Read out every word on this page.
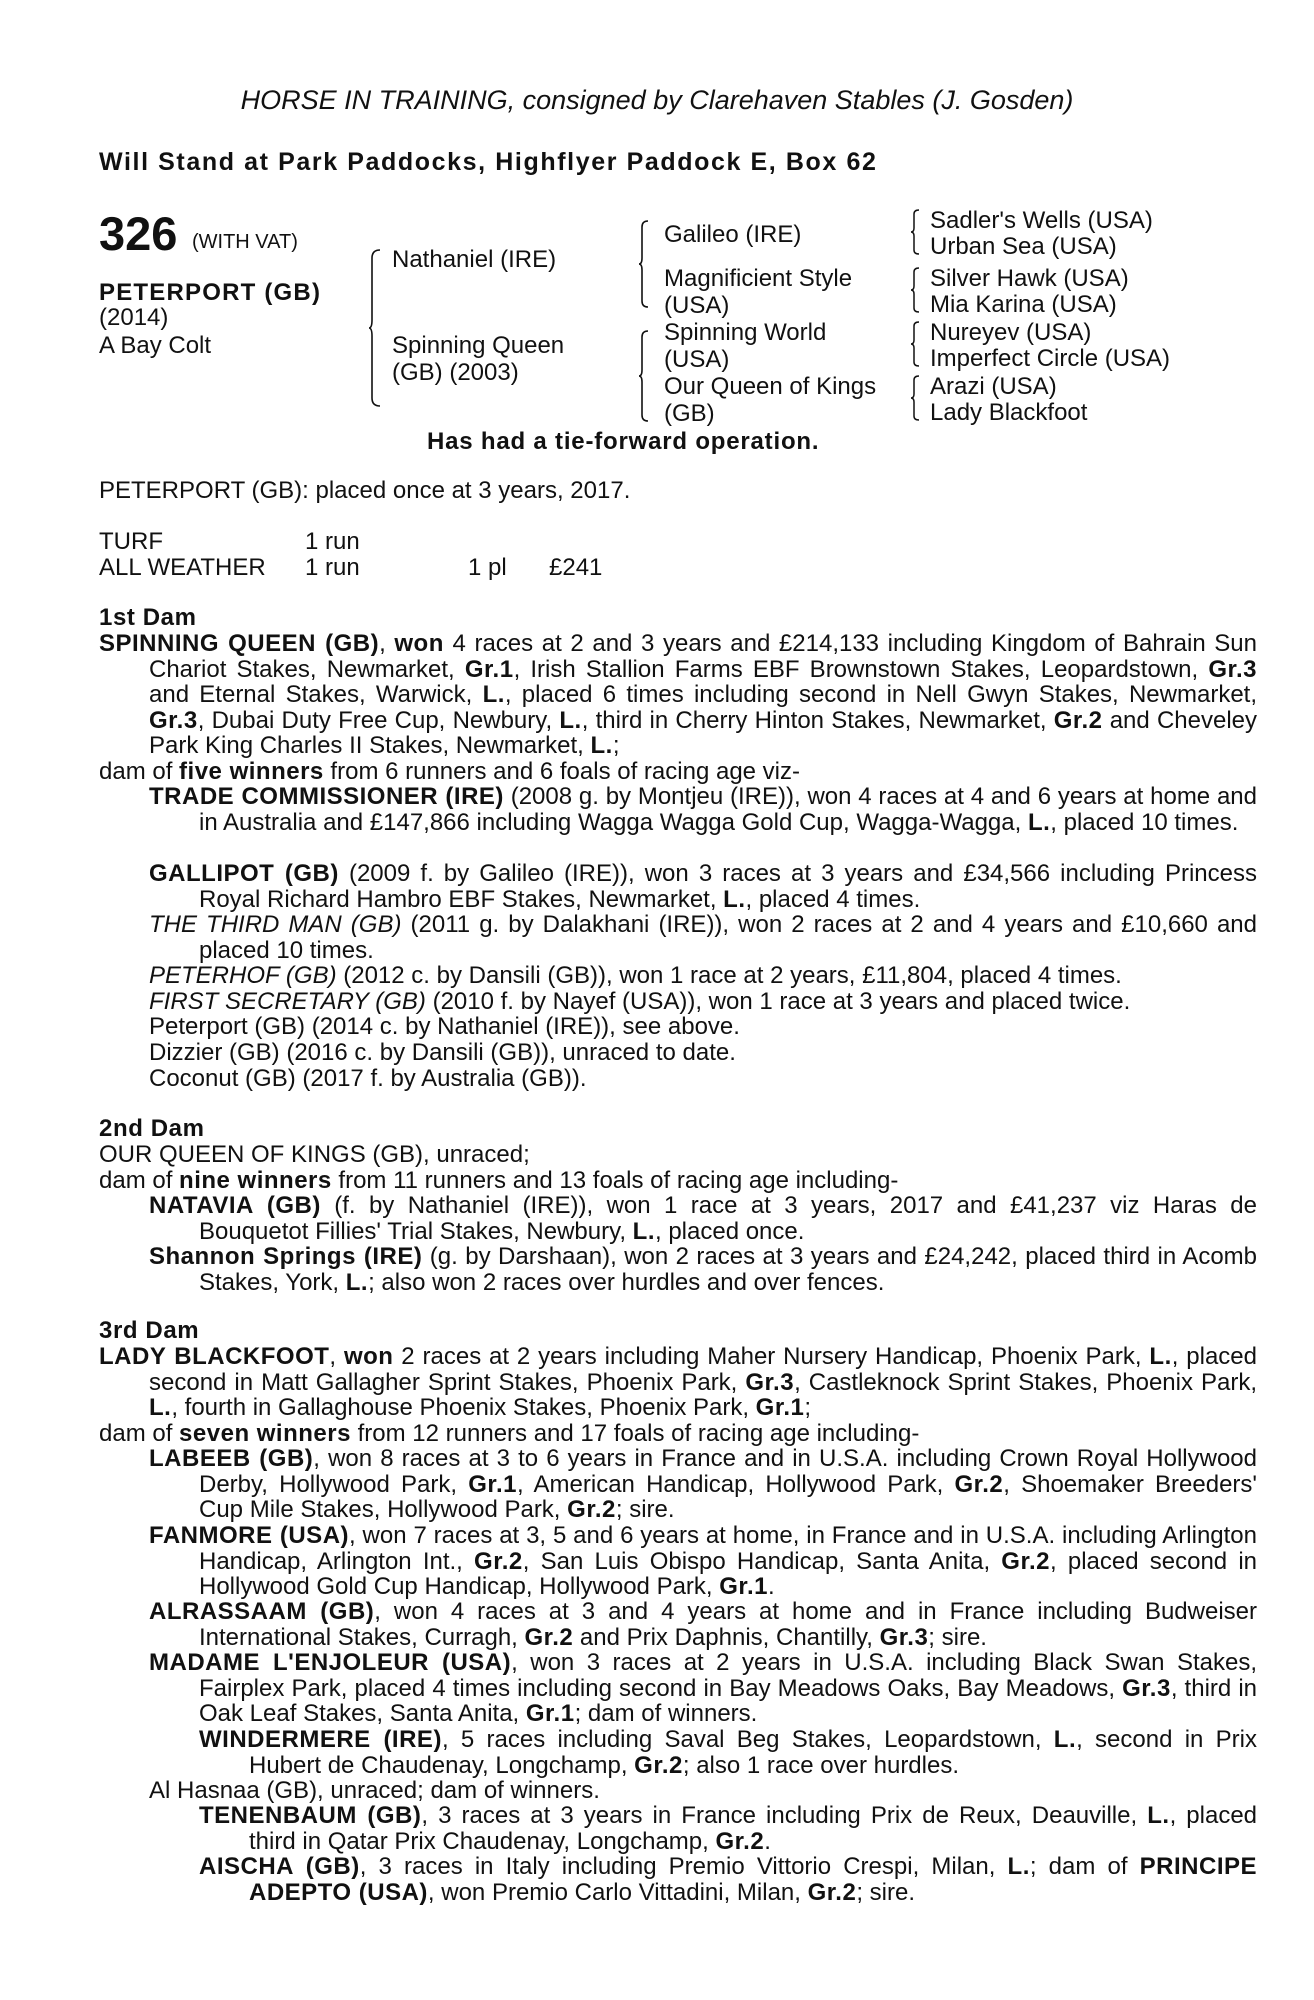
HORSE IN TRAINING, consigned by Clarehaven Stables (J. Gosden)
Will Stand at Park Paddocks, Highflyer Paddock E, Box 62
326 (WITH VAT)
PETERPORT (GB)
(2014)
A Bay Colt
Nathaniel (IRE)
Spinning Queen (GB) (2003)
Galileo (IRE)
Magnificient Style (USA)
Spinning World (USA)
Our Queen of Kings (GB)
Sadler's Wells (USA)
Urban Sea (USA)
Silver Hawk (USA)
Mia Karina (USA)
Nureyev (USA)
Imperfect Circle (USA)
Arazi (USA)
Lady Blackfoot
Has had a tie-forward operation.
PETERPORT (GB): placed once at 3 years, 2017.
TURF	1 run
ALL WEATHER 1 run	1 pl £241
1st Dam
SPINNING QUEEN (GB), won 4 races at 2 and 3 years and £214,133 including Kingdom of Bahrain Sun Chariot Stakes, Newmarket, Gr.1, Irish Stallion Farms EBF Brownstown Stakes, Leopardstown, Gr.3 and Eternal Stakes, Warwick, L., placed 6 times including second in Nell Gwyn Stakes, Newmarket, Gr.3, Dubai Duty Free Cup, Newbury, L., third in Cherry Hinton Stakes, Newmarket, Gr.2 and Cheveley Park King Charles II Stakes, Newmarket, L.;
dam of five winners from 6 runners and 6 foals of racing age viz-
TRADE COMMISSIONER (IRE) (2008 g. by Montjeu (IRE)), won 4 races at 4 and 6 years at home and in Australia and £147,866 including Wagga Wagga Gold Cup, Wagga-Wagga, L., placed 10 times.
GALLIPOT (GB) (2009 f. by Galileo (IRE)), won 3 races at 3 years and £34,566 including Princess Royal Richard Hambro EBF Stakes, Newmarket, L., placed 4 times.
THE THIRD MAN (GB) (2011 g. by Dalakhani (IRE)), won 2 races at 2 and 4 years and £10,660 and placed 10 times.
PETERHOF (GB) (2012 c. by Dansili (GB)), won 1 race at 2 years, £11,804, placed 4 times.
FIRST SECRETARY (GB) (2010 f. by Nayef (USA)), won 1 race at 3 years and placed twice.
Peterport (GB) (2014 c. by Nathaniel (IRE)), see above.
Dizzier (GB) (2016 c. by Dansili (GB)), unraced to date.
Coconut (GB) (2017 f. by Australia (GB)).
2nd Dam
OUR QUEEN OF KINGS (GB), unraced;
dam of nine winners from 11 runners and 13 foals of racing age including-
NATAVIA (GB) (f. by Nathaniel (IRE)), won 1 race at 3 years, 2017 and £41,237 viz Haras de Bouquetot Fillies' Trial Stakes, Newbury, L., placed once.
Shannon Springs (IRE) (g. by Darshaan), won 2 races at 3 years and £24,242, placed third in Acomb Stakes, York, L.; also won 2 races over hurdles and over fences.
3rd Dam
LADY BLACKFOOT, won 2 races at 2 years including Maher Nursery Handicap, Phoenix Park, L., placed second in Matt Gallagher Sprint Stakes, Phoenix Park, Gr.3, Castleknock Sprint Stakes, Phoenix Park, L., fourth in Gallaghouse Phoenix Stakes, Phoenix Park, Gr.1;
dam of seven winners from 12 runners and 17 foals of racing age including-
LABEEB (GB), won 8 races at 3 to 6 years in France and in U.S.A. including Crown Royal Hollywood Derby, Hollywood Park, Gr.1, American Handicap, Hollywood Park, Gr.2, Shoemaker Breeders' Cup Mile Stakes, Hollywood Park, Gr.2; sire.
FANMORE (USA), won 7 races at 3, 5 and 6 years at home, in France and in U.S.A. including Arlington Handicap, Arlington Int., Gr.2, San Luis Obispo Handicap, Santa Anita, Gr.2, placed second in Hollywood Gold Cup Handicap, Hollywood Park, Gr.1.
ALRASSAAM (GB), won 4 races at 3 and 4 years at home and in France including Budweiser International Stakes, Curragh, Gr.2 and Prix Daphnis, Chantilly, Gr.3; sire.
MADAME L'ENJOLEUR (USA), won 3 races at 2 years in U.S.A. including Black Swan Stakes, Fairplex Park, placed 4 times including second in Bay Meadows Oaks, Bay Meadows, Gr.3, third in Oak Leaf Stakes, Santa Anita, Gr.1; dam of winners.
WINDERMERE (IRE), 5 races including Saval Beg Stakes, Leopardstown, L., second in Prix Hubert de Chaudenay, Longchamp, Gr.2; also 1 race over hurdles.
Al Hasnaa (GB), unraced; dam of winners.
TENENBAUM (GB), 3 races at 3 years in France including Prix de Reux, Deauville, L., placed third in Qatar Prix Chaudenay, Longchamp, Gr.2.
AISCHA (GB), 3 races in Italy including Premio Vittorio Crespi, Milan, L.; dam of PRINCIPE ADEPTO (USA), won Premio Carlo Vittadini, Milan, Gr.2; sire.
